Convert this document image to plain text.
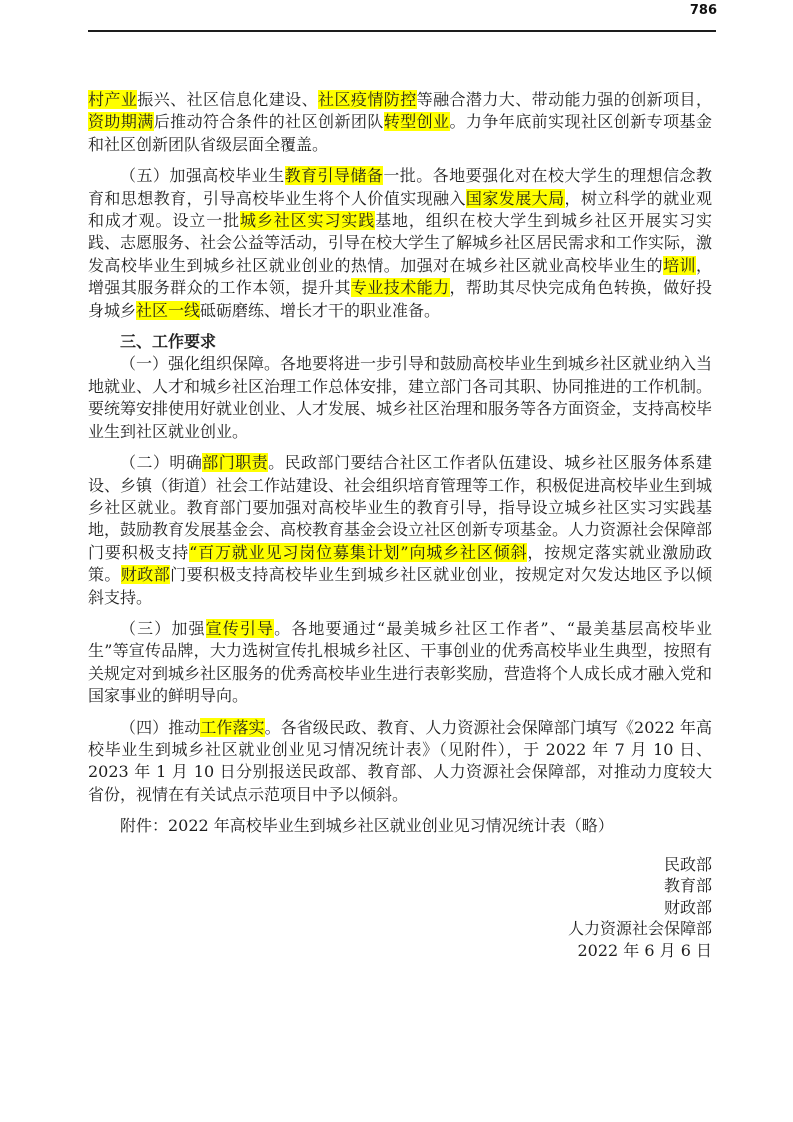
786

村产业振兴、社区信息化建设、社区疫情防控等融合潜力大、带动能力强的创新项目，资助期满后推动符合条件的社区创新团队转型创业。力争年底前实现社区创新专项基金和社区创新团队省级层面全覆盖。

（五）加强高校毕业生教育引导储备一批。各地要强化对在校大学生的理想信念教育和思想教育，引导高校毕业生将个人价值实现融入国家发展大局，树立科学的就业观和成才观。设立一批城乡社区实习实践基地，组织在校大学生到城乡社区开展实习实践、志愿服务、社会公益等活动，引导在校大学生了解城乡社区居民需求和工作实际，激发高校毕业生到城乡社区就业创业的热情。加强对在城乡社区就业高校毕业生的培训，增强其服务群众的工作本领，提升其专业技术能力，帮助其尽快完成角色转换，做好投身城乡社区一线砥砺磨练、增长才干的职业准备。

三、工作要求

（一）强化组织保障。各地要将进一步引导和鼓励高校毕业生到城乡社区就业纳入当地就业、人才和城乡社区治理工作总体安排，建立部门各司其职、协同推进的工作机制。要统筹安排使用好就业创业、人才发展、城乡社区治理和服务等各方面资金，支持高校毕业生到社区就业创业。

（二）明确部门职责。民政部门要结合社区工作者队伍建设、城乡社区服务体系建设、乡镇（街道）社会工作站建设、社会组织培育管理等工作，积极促进高校毕业生到城乡社区就业。教育部门要加强对高校毕业生的教育引导，指导设立城乡社区实习实践基地，鼓励教育发展基金会、高校教育基金会设立社区创新专项基金。人力资源社会保障部门要积极支持“百万就业见习岗位募集计划”向城乡社区倾斜，按规定落实就业激励政策。财政部门要积极支持高校毕业生到城乡社区就业创业，按规定对欠发达地区予以倾斜支持。

（三）加强宣传引导。各地要通过“最美城乡社区工作者”、“最美基层高校毕业生”等宣传品牌，大力选树宣传扎根城乡社区、干事创业的优秀高校毕业生典型，按照有关规定对到城乡社区服务的优秀高校毕业生进行表彰奖励，营造将个人成长成才融入党和国家事业的鲜明导向。

（四）推动工作落实。各省级民政、教育、人力资源社会保障部门填写《2022 年高校毕业生到城乡社区就业创业见习情况统计表》（见附件），于 2022 年 7 月 10 日、2023 年 1 月 10 日分别报送民政部、教育部、人力资源社会保障部，对推动力度较大省份，视情在有关试点示范项目中予以倾斜。

附件：2022 年高校毕业生到城乡社区就业创业见习情况统计表（略）

民政部
教育部
财政部
人力资源社会保障部
2022 年 6 月 6 日
